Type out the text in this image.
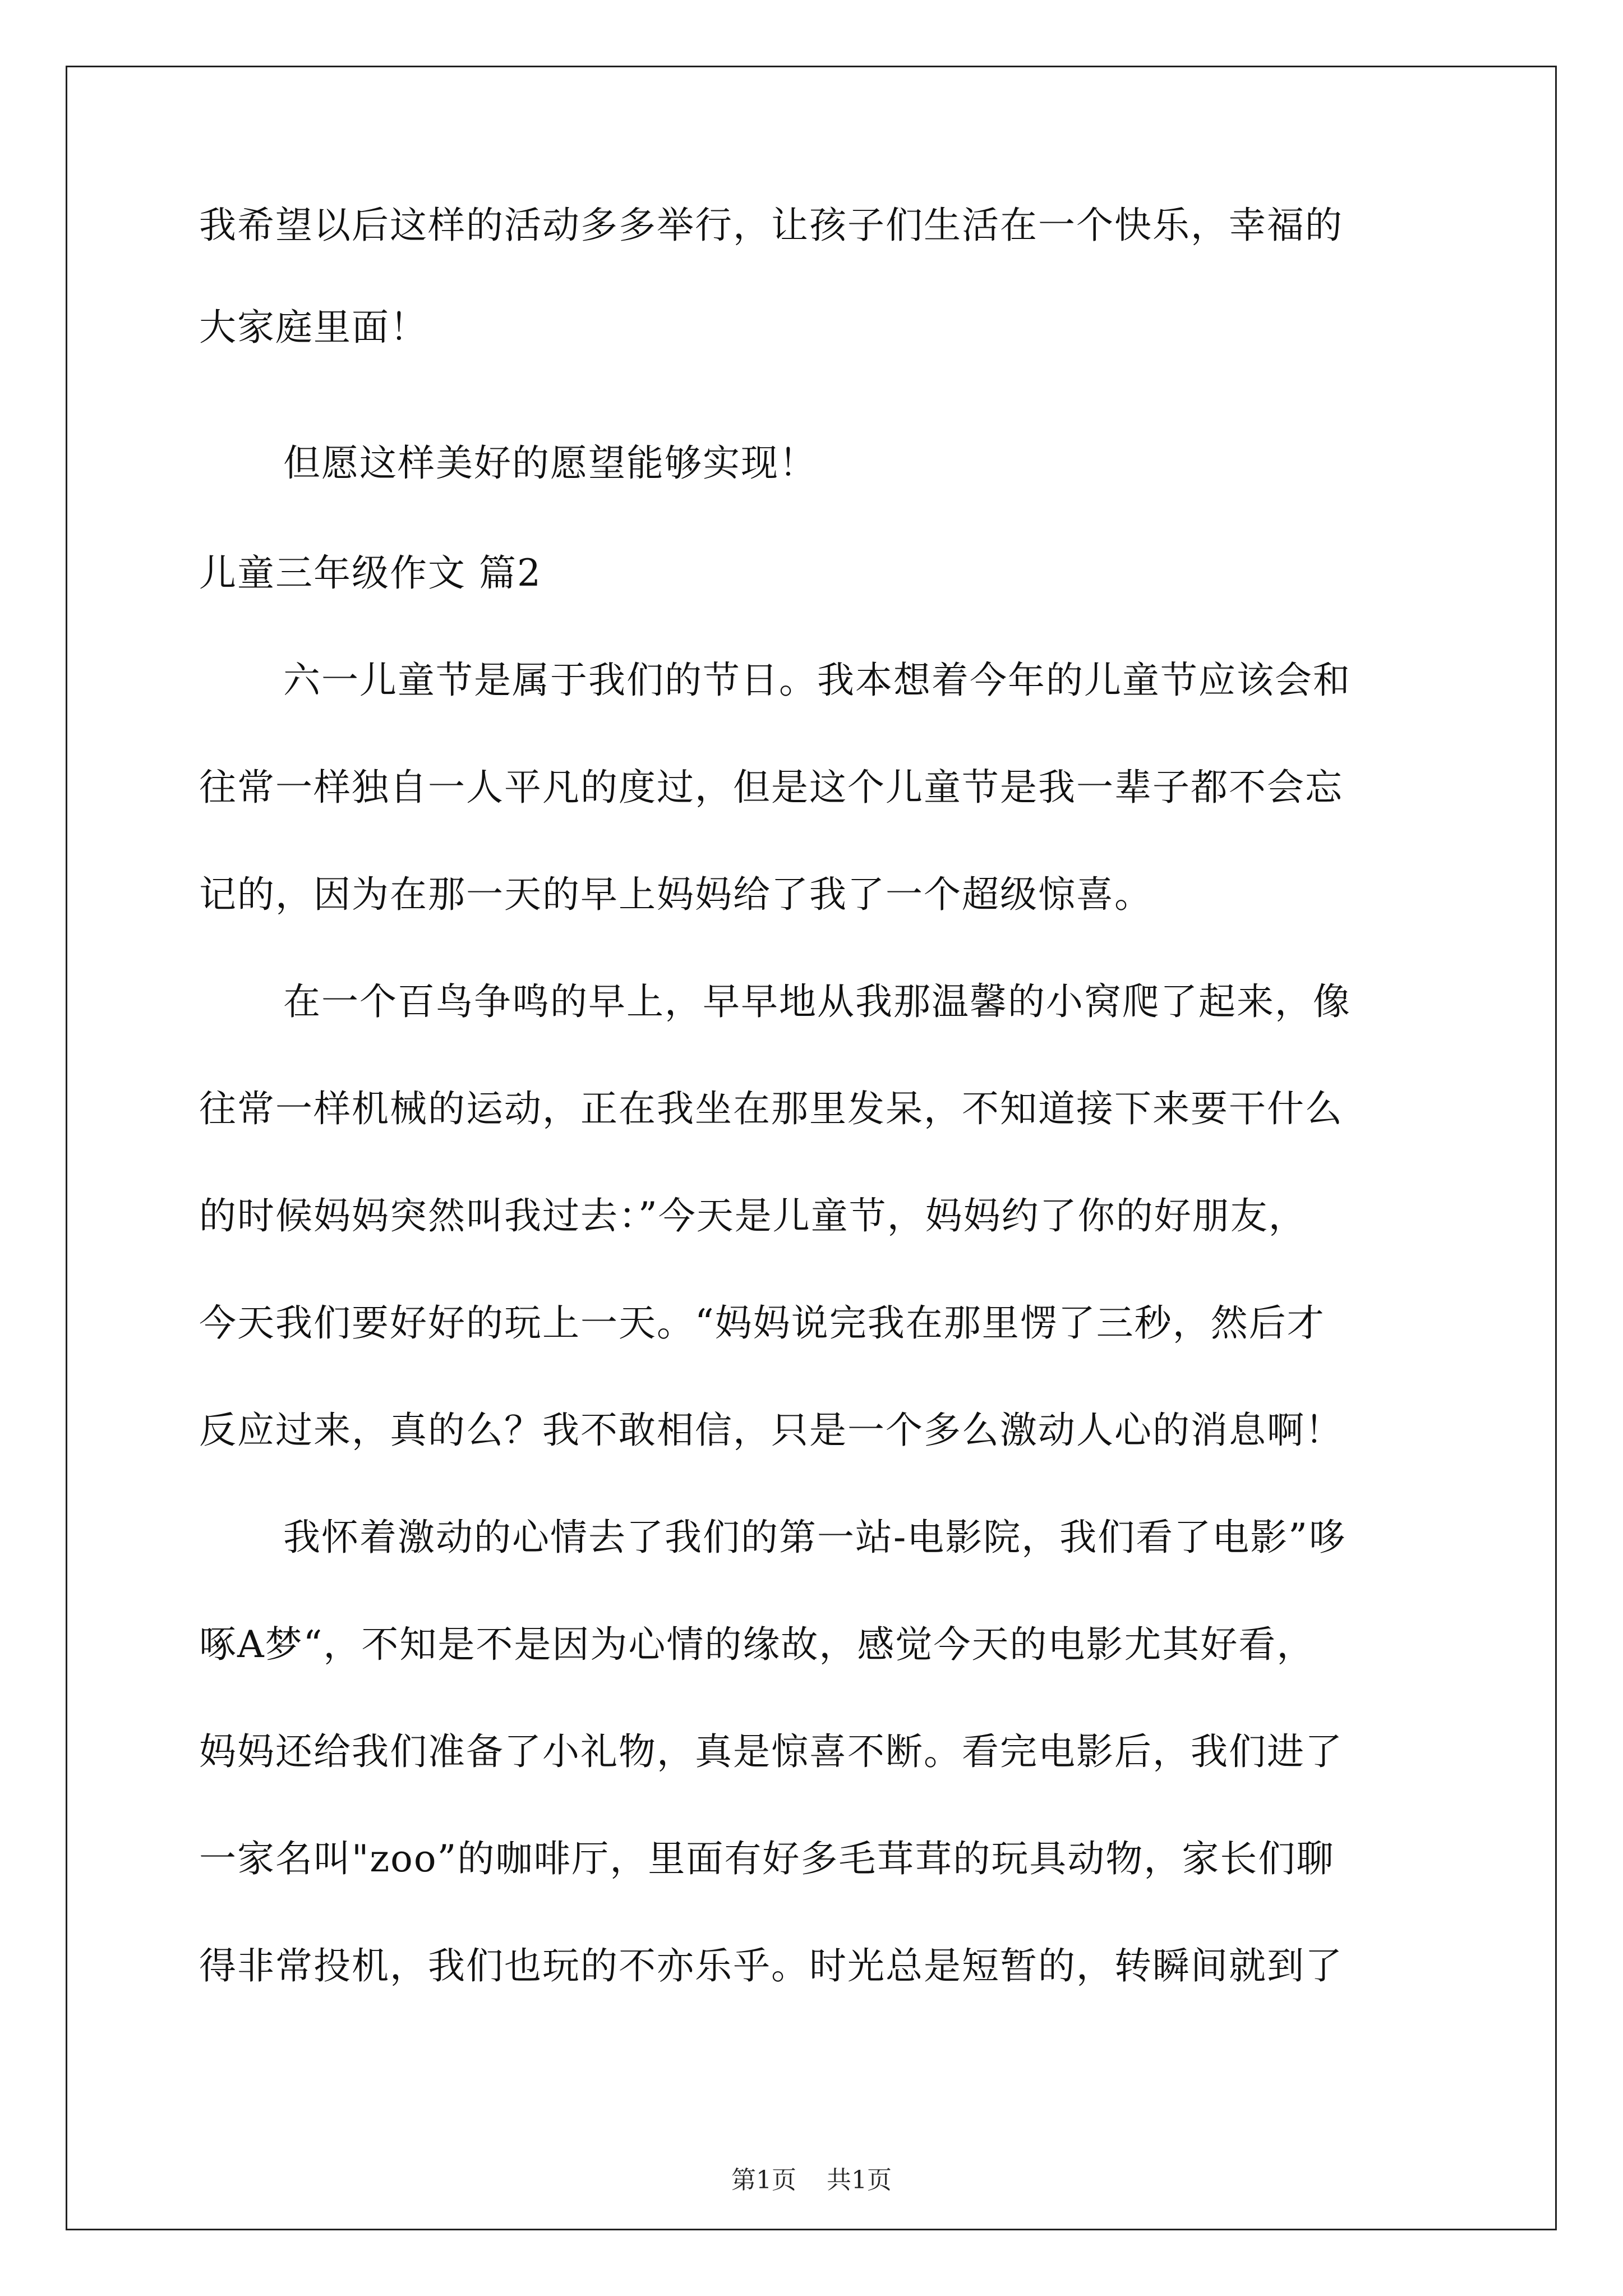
我希望以后这样的活动多多举行，让孩子们生活在一个快乐，幸福的
大家庭里面！
但愿这样美好的愿望能够实现！
儿童三年级作文 篇2
六一儿童节是属于我们的节日。我本想着今年的儿童节应该会和
往常一样独自一人平凡的度过，但是这个儿童节是我一辈子都不会忘
记的，因为在那一天的早上妈妈给了我了一个超级惊喜。
在一个百鸟争鸣的早上，早早地从我那温馨的小窝爬了起来，像
往常一样机械的运动，正在我坐在那里发呆，不知道接下来要干什么
的时候妈妈突然叫我过去：”今天是儿童节，妈妈约了你的好朋友，
今天我们要好好的玩上一天。“妈妈说完我在那里愣了三秒，然后才
反应过来，真的么？我不敢相信，只是一个多么激动人心的消息啊！
我怀着激动的心情去了我们的第一站-电影院，我们看了电影”哆
啄A梦“，不知是不是因为心情的缘故，感觉今天的电影尤其好看，
妈妈还给我们准备了小礼物，真是惊喜不断。看完电影后，我们进了
一家名叫"zoo”的咖啡厅，里面有好多毛茸茸的玩具动物，家长们聊
得非常投机，我们也玩的不亦乐乎。时光总是短暂的，转瞬间就到了
第1页 共1页
